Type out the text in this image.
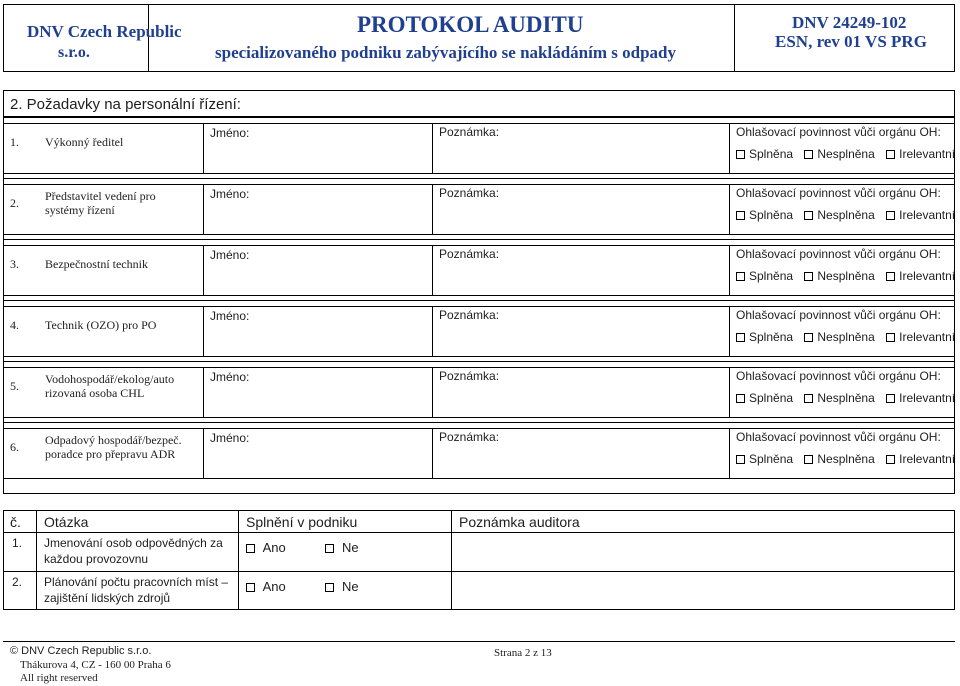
DNV Czech Republic
s.r.o.
PROTOKOL AUDITU
specializovaného podniku zabývajícího se nakládáním s odpady
DNV 24249-102
ESN, rev 01 VS PRG
2. Požadavky na personální řízení:
1. Výkonný ředitel
Jméno:	Poznámka:	Ohlašovací povinnost vůči orgánu OH:
Splněna Nesplněna Irelevantní
2. Představitel vedení pro
systémy řízení
Jméno:	Poznámka:	Ohlašovací povinnost vůči orgánu OH:
Splněna Nesplněna Irelevantní
3. Bezpečnostní technik
Jméno:	Poznámka:	Ohlašovací povinnost vůči orgánu OH:
Splněna Nesplněna Irelevantní
4. Technik (OZO) pro PO
Jméno:	Poznámka:	Ohlašovací povinnost vůči orgánu OH:
Splněna Nesplněna Irelevantní
5. Vodohospodář/ekolog/auto
rizovaná osoba CHL
Jméno:	Poznámka:	Ohlašovací povinnost vůči orgánu OH:
Splněna Nesplněna Irelevantní
6. Odpadový hospodář/bezpeč.
poradce pro přepravu ADR
Jméno:	Poznámka:	Ohlašovací povinnost vůči orgánu OH:
Splněna Nesplněna Irelevantní
č. Otázka	Splnění v podniku	Poznámka auditora
1. Jmenování osob odpovědných za
každou provozovnu
Ano	Ne
2. Plánování počtu pracovních míst –
zajištění lidských zdrojů
Ano	Ne
© DNV Czech Republic s.r.o.
Thákurova 4, CZ - 160 00 Praha 6
All right reserved
Strana 2 z 13
